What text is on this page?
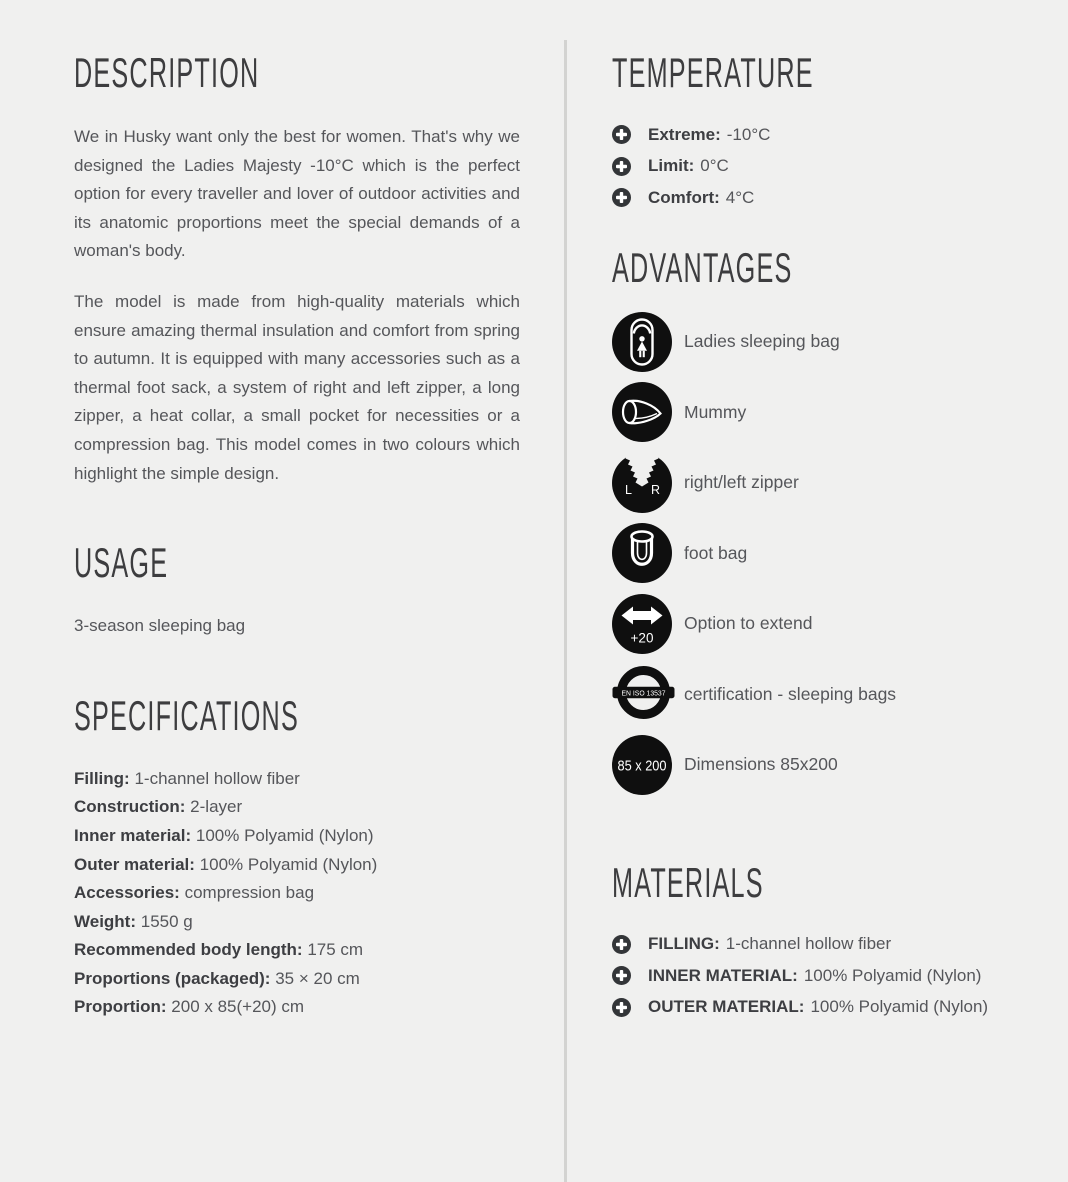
DESCRIPTION

We in Husky want only the best for women. That's why we designed the Ladies Majesty -10°C which is the perfect option for every traveller and lover of outdoor activities and its anatomic proportions meet the special demands of a woman's body.

The model is made from high-quality materials which ensure amazing thermal insulation and comfort from spring to autumn. It is equipped with many accessories such as a thermal foot sack, a system of right and left zipper, a long zipper, a heat collar, a small pocket for necessities or a compression bag. This model comes in two colours which highlight the simple design.

USAGE

3-season sleeping bag

SPECIFICATIONS
Filling: 1-channel hollow fiber
Construction: 2-layer
Inner material: 100% Polyamid (Nylon)
Outer material: 100% Polyamid (Nylon)
Accessories: compression bag
Weight: 1550 g
Recommended body length: 175 cm
Proportions (packaged): 35 × 20 cm
Proportion: 200 x 85(+20) cm
TEMPERATURE
Extreme: -10°C
Limit: 0°C
Comfort: 4°C
ADVANTAGES
Ladies sleeping bag
Mummy
L R right/left zipper
foot bag
+20
Option to extend
EN ISO 13537 certification - sleeping bags
85 x 200 Dimensions 85x200
MATERIALS
FILLING: 1-channel hollow fiber
INNER MATERIAL: 100% Polyamid (Nylon)
OUTER MATERIAL: 100% Polyamid (Nylon)
